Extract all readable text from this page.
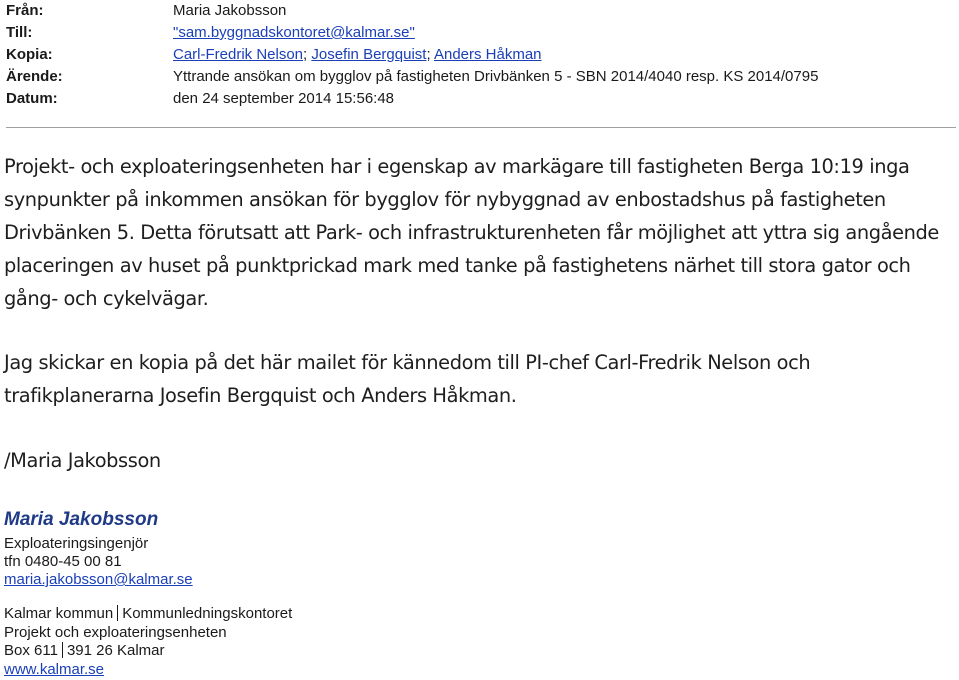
Från:	Maria Jakobsson
Till:	"sam.byggnadskontoret@kalmar.se"
Kopia:	Carl-Fredrik Nelson; Josefin Bergquist; Anders Håkman
Ärende:	Yttrande ansökan om bygglov på fastigheten Drivbänken 5 - SBN 2014/4040 resp. KS 2014/0795
Datum:	den 24 september 2014 15:56:48
Projekt- och exploateringsenheten har i egenskap av markägare till fastigheten Berga 10:19 inga synpunkter på inkommen ansökan för bygglov för nybyggnad av enbostadshus på fastigheten Drivbänken 5. Detta förutsatt att Park- och infrastrukturenheten får möjlighet att yttra sig angående placeringen av huset på punktprickad mark med tanke på fastighetens närhet till stora gator och gång- och cykelvägar.
Jag skickar en kopia på det här mailet för kännedom till PI-chef Carl-Fredrik Nelson och trafikplanerarna Josefin Bergquist och Anders Håkman.
/Maria Jakobsson
Maria Jakobsson
Exploateringsingenjör
tfn 0480-45 00 81
maria.jakobsson@kalmar.se
Kalmar kommun Kommunledningskontoret
Projekt och exploateringsenheten
Box 611 391 26 Kalmar
www.kalmar.se
